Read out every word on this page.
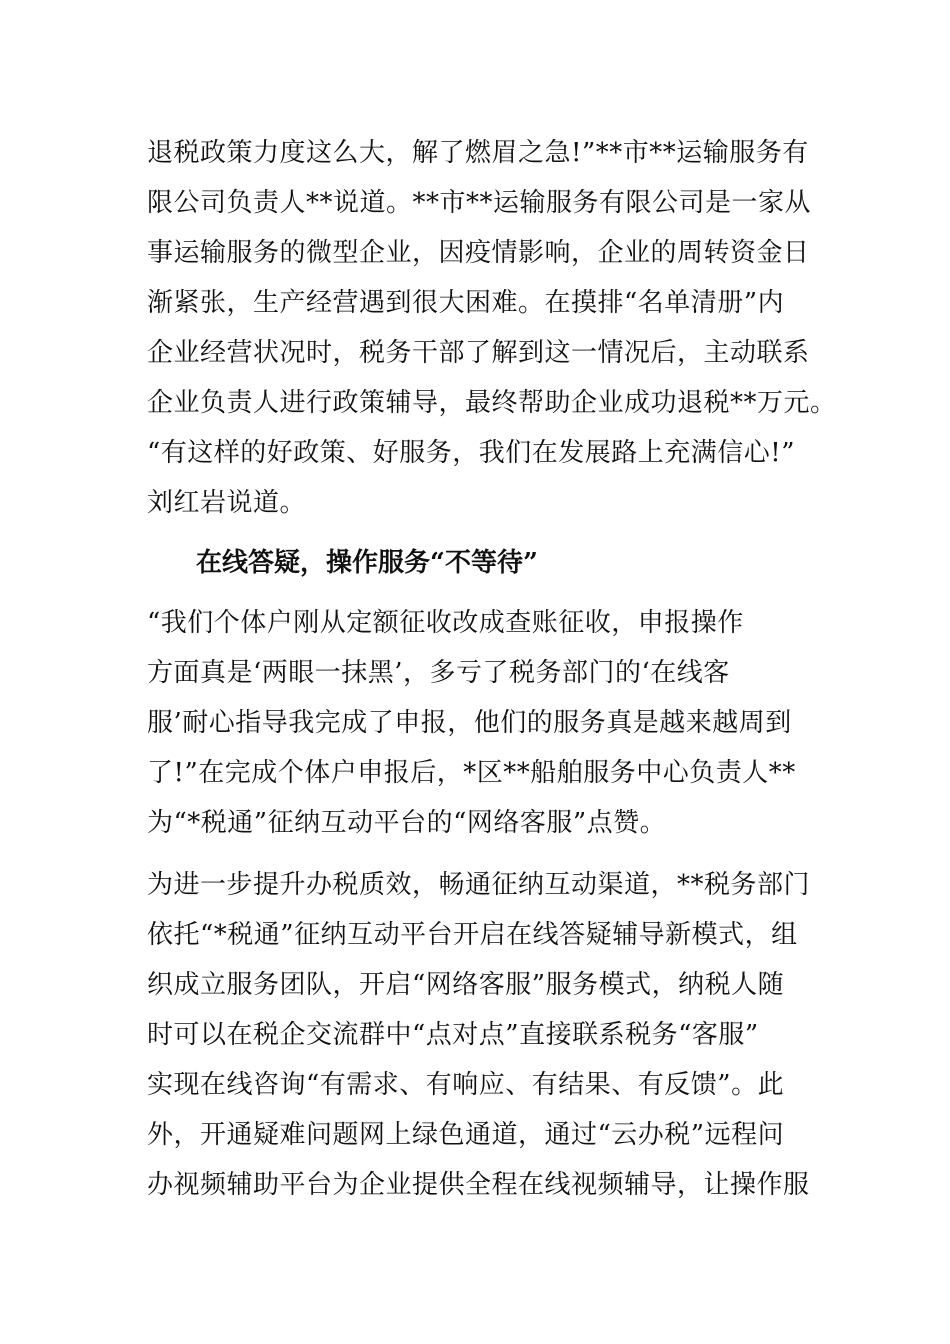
退税政策力度这么大，解了燃眉之急!”**市**运输服务有
限公司负责人**说道。**市**运输服务有限公司是一家从
事运输服务的微型企业，因疫情影响，企业的周转资金日
渐紧张，生产经营遇到很大困难。在摸排“名单清册”内
企业经营状况时，税务干部了解到这一情况后，主动联系
企业负责人进行政策辅导，最终帮助企业成功退税**万元。
“有这样的好政策、好服务，我们在发展路上充满信心!”
刘红岩说道。
在线答疑，操作服务“不等待”
“我们个体户刚从定额征收改成查账征收，申报操作
方面真是‘两眼一抹黑’，多亏了税务部门的‘在线客
服’耐心指导我完成了申报，他们的服务真是越来越周到
了!”在完成个体户申报后，*区**船舶服务中心负责人**
为“*税通”征纳互动平台的“网络客服”点赞。
为进一步提升办税质效，畅通征纳互动渠道，**税务部门
依托“*税通”征纳互动平台开启在线答疑辅导新模式，组
织成立服务团队，开启“网络客服”服务模式，纳税人随
时可以在税企交流群中“点对点”直接联系税务“客服”
实现在线咨询“有需求、有响应、有结果、有反馈”。此
外，开通疑难问题网上绿色通道，通过“云办税”远程问
办视频辅助平台为企业提供全程在线视频辅导，让操作服
